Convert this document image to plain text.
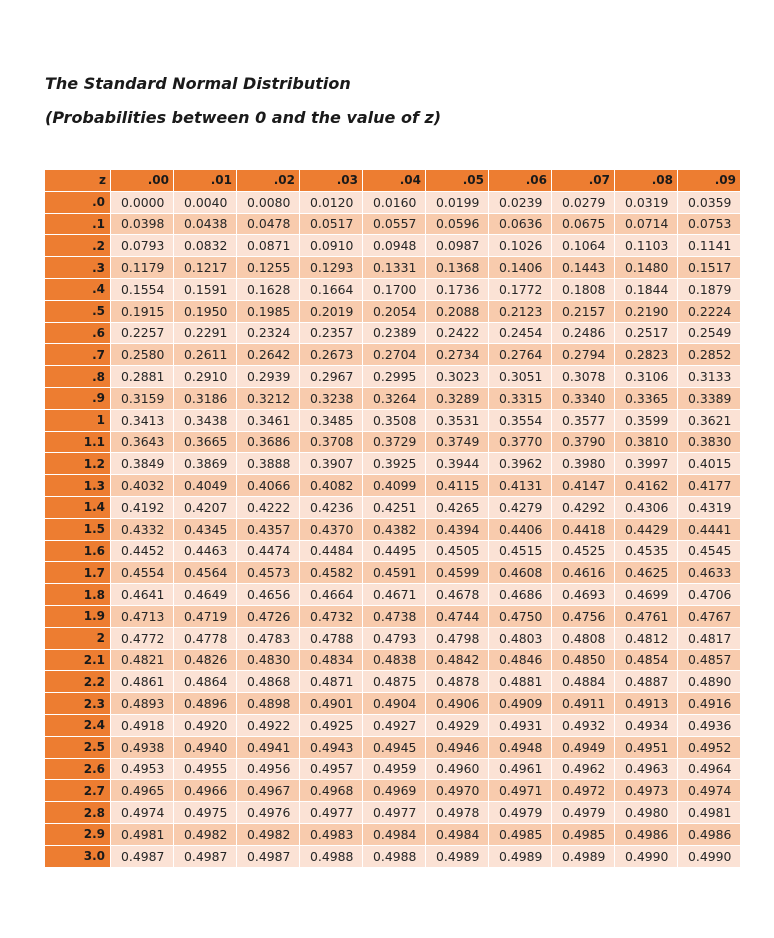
The Standard Normal Distribution
(Probabilities between 0 and the value of z)
z	.00	.01	.02	.03	.04	.05	.06	.07	.08	.09
.0	0.0000	0.0040	0.0080	0.0120	0.0160	0.0199	0.0239	0.0279	0.0319	0.0359
.1	0.0398	0.0438	0.0478	0.0517	0.0557	0.0596	0.0636	0.0675	0.0714	0.0753
.2	0.0793	0.0832	0.0871	0.0910	0.0948	0.0987	0.1026	0.1064	0.1103	0.1141
.3	0.1179	0.1217	0.1255	0.1293	0.1331	0.1368	0.1406	0.1443	0.1480	0.1517
.4	0.1554	0.1591	0.1628	0.1664	0.1700	0.1736	0.1772	0.1808	0.1844	0.1879
.5	0.1915	0.1950	0.1985	0.2019	0.2054	0.2088	0.2123	0.2157	0.2190	0.2224
.6	0.2257	0.2291	0.2324	0.2357	0.2389	0.2422	0.2454	0.2486	0.2517	0.2549
.7	0.2580	0.2611	0.2642	0.2673	0.2704	0.2734	0.2764	0.2794	0.2823	0.2852
.8	0.2881	0.2910	0.2939	0.2967	0.2995	0.3023	0.3051	0.3078	0.3106	0.3133
.9	0.3159	0.3186	0.3212	0.3238	0.3264	0.3289	0.3315	0.3340	0.3365	0.3389
1	0.3413	0.3438	0.3461	0.3485	0.3508	0.3531	0.3554	0.3577	0.3599	0.3621
1.1	0.3643	0.3665	0.3686	0.3708	0.3729	0.3749	0.3770	0.3790	0.3810	0.3830
1.2	0.3849	0.3869	0.3888	0.3907	0.3925	0.3944	0.3962	0.3980	0.3997	0.4015
1.3	0.4032	0.4049	0.4066	0.4082	0.4099	0.4115	0.4131	0.4147	0.4162	0.4177
1.4	0.4192	0.4207	0.4222	0.4236	0.4251	0.4265	0.4279	0.4292	0.4306	0.4319
1.5	0.4332	0.4345	0.4357	0.4370	0.4382	0.4394	0.4406	0.4418	0.4429	0.4441
1.6	0.4452	0.4463	0.4474	0.4484	0.4495	0.4505	0.4515	0.4525	0.4535	0.4545
1.7	0.4554	0.4564	0.4573	0.4582	0.4591	0.4599	0.4608	0.4616	0.4625	0.4633
1.8	0.4641	0.4649	0.4656	0.4664	0.4671	0.4678	0.4686	0.4693	0.4699	0.4706
1.9	0.4713	0.4719	0.4726	0.4732	0.4738	0.4744	0.4750	0.4756	0.4761	0.4767
2	0.4772	0.4778	0.4783	0.4788	0.4793	0.4798	0.4803	0.4808	0.4812	0.4817
2.1	0.4821	0.4826	0.4830	0.4834	0.4838	0.4842	0.4846	0.4850	0.4854	0.4857
2.2	0.4861	0.4864	0.4868	0.4871	0.4875	0.4878	0.4881	0.4884	0.4887	0.4890
2.3	0.4893	0.4896	0.4898	0.4901	0.4904	0.4906	0.4909	0.4911	0.4913	0.4916
2.4	0.4918	0.4920	0.4922	0.4925	0.4927	0.4929	0.4931	0.4932	0.4934	0.4936
2.5	0.4938	0.4940	0.4941	0.4943	0.4945	0.4946	0.4948	0.4949	0.4951	0.4952
2.6	0.4953	0.4955	0.4956	0.4957	0.4959	0.4960	0.4961	0.4962	0.4963	0.4964
2.7	0.4965	0.4966	0.4967	0.4968	0.4969	0.4970	0.4971	0.4972	0.4973	0.4974
2.8	0.4974	0.4975	0.4976	0.4977	0.4977	0.4978	0.4979	0.4979	0.4980	0.4981
2.9	0.4981	0.4982	0.4982	0.4983	0.4984	0.4984	0.4985	0.4985	0.4986	0.4986
3.0	0.4987	0.4987	0.4987	0.4988	0.4988	0.4989	0.4989	0.4989	0.4990	0.4990
